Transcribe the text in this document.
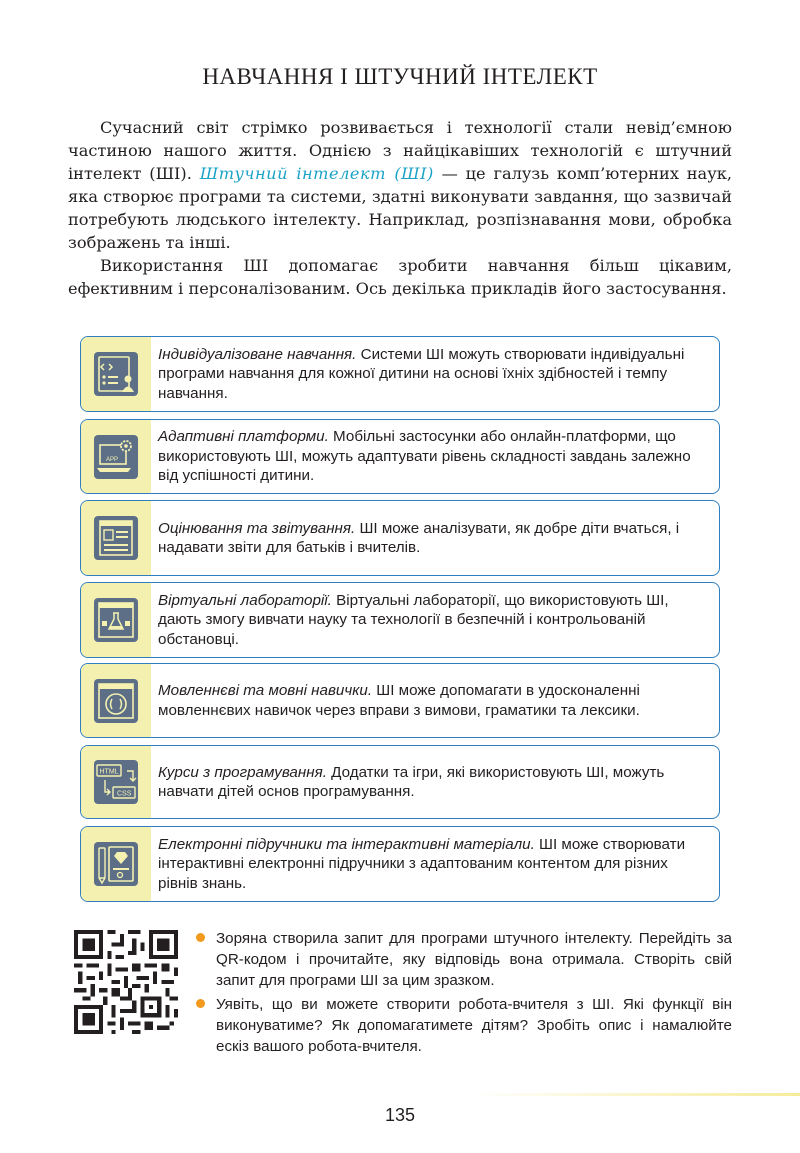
НАВЧАННЯ І ШТУЧНИЙ ІНТЕЛЕКТ

Сучасний світ стрімко розвивається і технології стали невід’ємною частиною нашого життя. Однією з найцікавіших технологій є штучний інтелект (ШІ). Штучний інтелект (ШІ) — це галузь комп’ютерних наук, яка створює програми та системи, здатні виконувати завдання, що зазвичай потребують людського інтелекту. Наприклад, розпізнавання мови, обробка зображень та інші.

Використання ШІ допомагає зробити навчання більш цікавим, ефективним і персоналізованим. Ось декілька прикладів його застосування.

Індивідуалізоване навчання. Системи ШІ можуть створювати індивідуальні програми навчання для кожної дитини на основі їхніх здібностей і темпу навчання.
APP
Адаптивні платформи. Мобільні застосунки або онлайн-платформи, що використовують ШІ, можуть адаптувати рівень складності завдань залежно від успішності дитини.
Оцінювання та звітування. ШІ може аналізувати, як добре діти вчаться, і надавати звіти для батьків і вчителів.
Віртуальні лабораторії. Віртуальні лабораторії, що використовують ШІ, дають змогу вивчати науку та технології в безпечній і контрольованій обстановці.
Мовленнєві та мовні навички. ШІ може допомагати в удосконаленні мовленнєвих навичок через вправи з вимови, граматики та лексики.
HTML
CSS
Курси з програмування. Додатки та ігри, які використовують ШІ, можуть навчати дітей основ програмування.
Електронні підручники та інтерактивні матеріали. ШІ може створювати інтерактивні електронні підручники з адаптованим контентом для різних рівнів знань.
Зоряна створила запит для програми штучного інтелекту. Перейдіть за QR-кодом і прочитайте, яку відповідь вона отримала. Створіть свій запит для програми ШІ за цим зразком.
Уявіть, що ви можете створити робота-вчителя з ШІ. Які функції він виконуватиме? Як допомагатимете дітям? Зробіть опис і намалюйте ескіз вашого робота-вчителя.
135
